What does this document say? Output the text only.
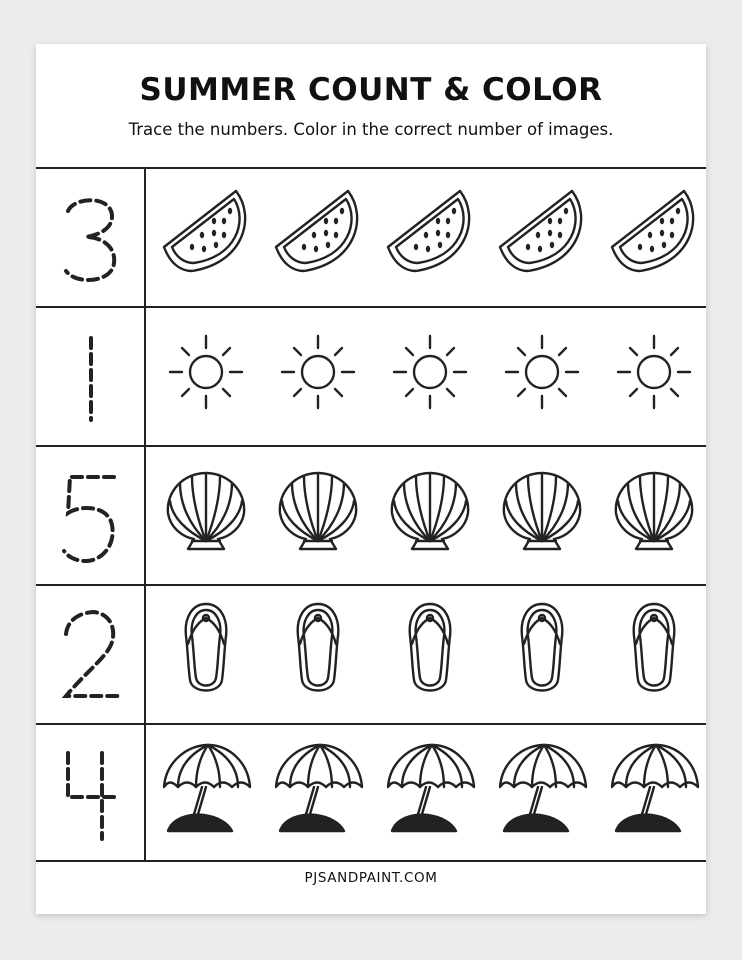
SUMMER COUNT & COLOR
Trace the numbers. Color in the correct number of images.
PJSANDPAINT.COM
